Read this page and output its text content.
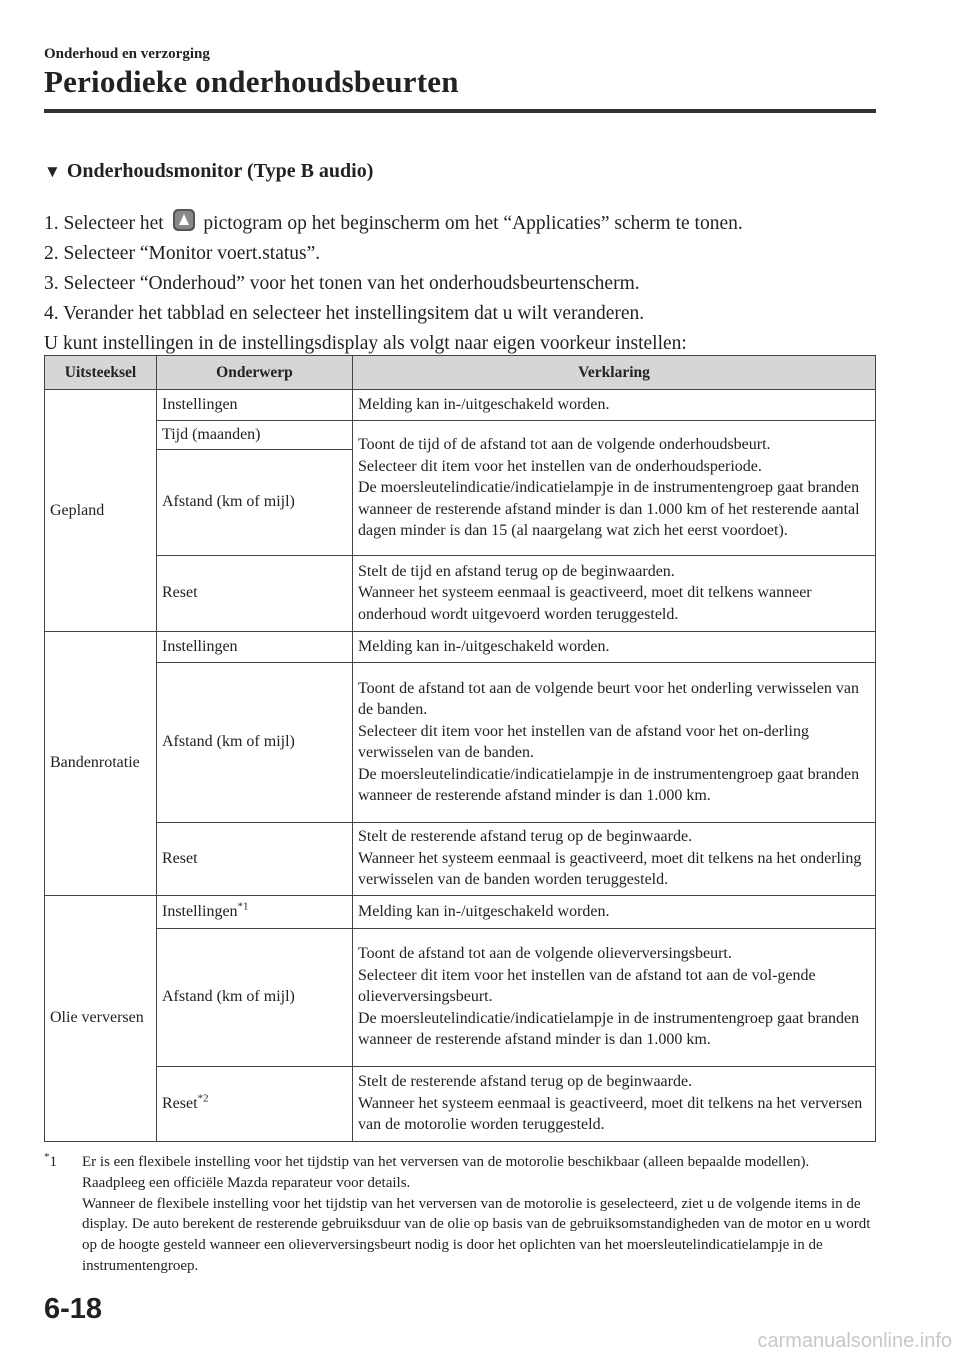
Onderhoud en verzorging
Periodieke onderhoudsbeurten
▼ Onderhoudsmonitor (Type B audio)
1. Selecteer het pictogram op het beginscherm om het “Applicaties” scherm te tonen.
2. Selecteer “Monitor voert.status”.
3. Selecteer “Onderhoud” voor het tonen van het onderhoudsbeurtenscherm.
4. Verander het tabblad en selecteer het instellingsitem dat u wilt veranderen.
U kunt instellingen in de instellingsdisplay als volgt naar eigen voorkeur instellen:
Uitsteeksel	Onderwerp	Verklaring
Gepland	Instellingen	Melding kan in-/uitgeschakeld worden.
	Tijd (maanden)	Toont de tijd of de afstand tot aan de volgende onderhoudsbeurt.
Selecteer dit item voor het instellen van de onderhoudsperiode.
De moersleutelindicatie/indicatielampje in de instrumentengroep gaat branden wanneer de resterende afstand minder is dan 1.000 km of het resterende aantal dagen minder is dan 15 (al naargelang wat zich het eerst voordoet).
	Afstand (km of mijl)	
	Reset	Stelt de tijd en afstand terug op de beginwaarden.
Wanneer het systeem eenmaal is geactiveerd, moet dit telkens wanneer onderhoud wordt uitgevoerd worden teruggesteld.
Bandenrotatie	Instellingen	Melding kan in-/uitgeschakeld worden.
	Afstand (km of mijl)	Toont de afstand tot aan de volgende beurt voor het onderling verwisselen van de banden.
Selecteer dit item voor het instellen van de afstand voor het on-derling verwisselen van de banden.
De moersleutelindicatie/indicatielampje in de instrumentengroep gaat branden wanneer de resterende afstand minder is dan 1.000 km.
	Reset	Stelt de resterende afstand terug op de beginwaarde.
Wanneer het systeem eenmaal is geactiveerd, moet dit telkens na het onderling verwisselen van de banden worden teruggesteld.
Olie verversen	Instellingen$^{*1}$	Melding kan in-/uitgeschakeld worden.
	Afstand (km of mijl)	Toont de afstand tot aan de volgende olieverversingsbeurt.
Selecteer dit item voor het instellen van de afstand tot aan de vol-gende olieverversingsbeurt.
De moersleutelindicatie/indicatielampje in de instrumentengroep gaat branden wanneer de resterende afstand minder is dan 1.000 km.
	Reset$^{*2}$	Stelt de resterende afstand terug op de beginwaarde.
Wanneer het systeem eenmaal is geactiveerd, moet dit telkens na het verversen van de motorolie worden teruggesteld.
*1	Er is een flexibele instelling voor het tijdstip van het verversen van de motorolie beschikbaar (alleen bepaalde modellen). Raadpleeg een officiële Mazda reparateur voor details.
Wanneer de flexibele instelling voor het tijdstip van het verversen van de motorolie is geselecteerd, ziet u de volgende items in de display. De auto berekent de resterende gebruiksduur van de olie op basis van de gebruiksomstandigheden van de motor en u wordt op de hoogte gesteld wanneer een olieverversingsbeurt nodig is door het oplichten van het moersleutelindicatielampje in de instrumentengroep.
6-18
carmanualsonline.info
